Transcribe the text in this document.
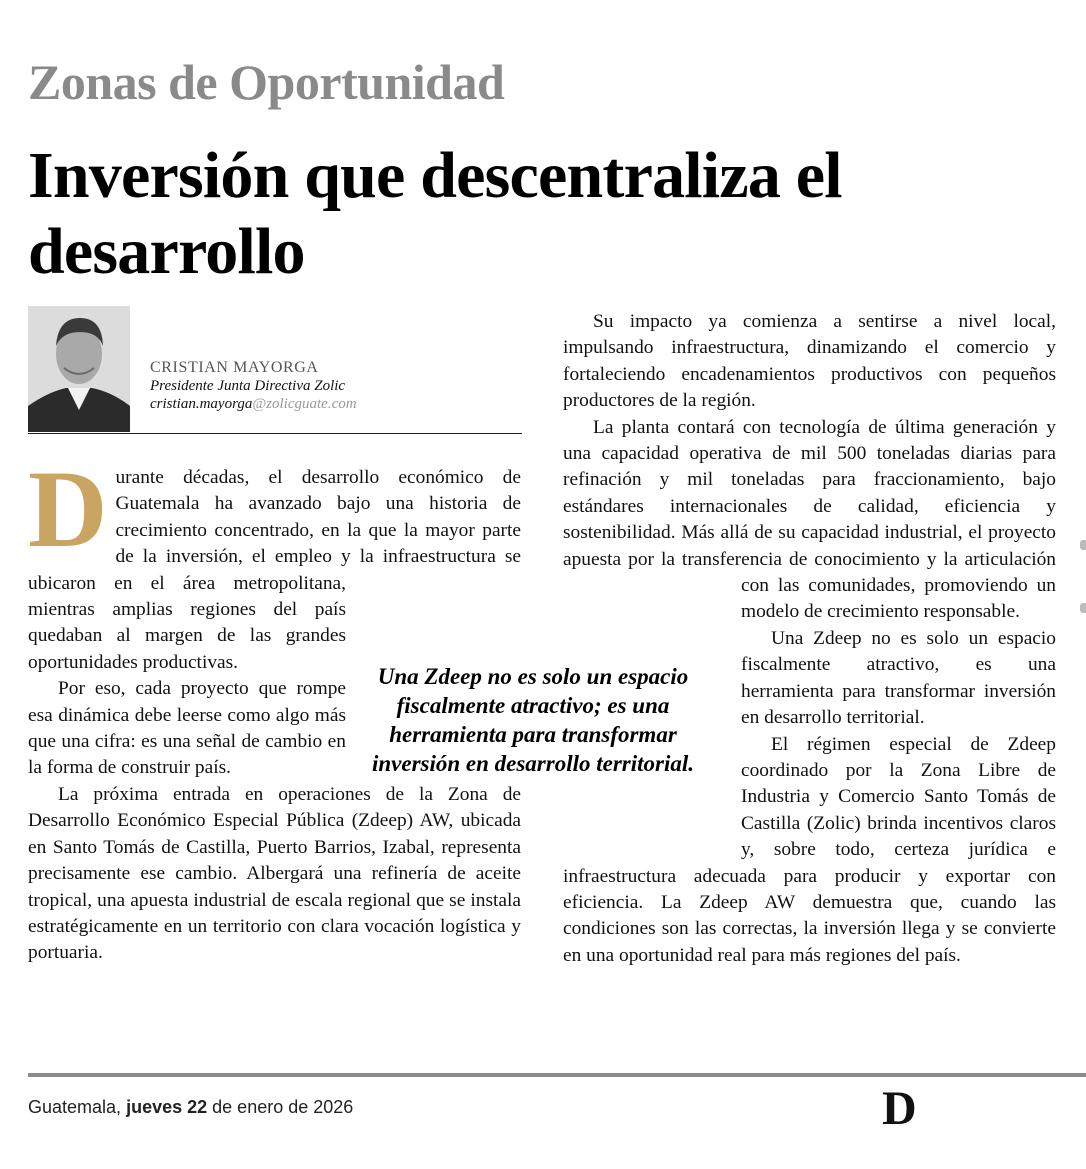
Zonas de Oportunidad
Inversión que descentraliza el desarrollo
CRISTIAN MAYORGA
Presidente Junta Directiva Zolic
cristian.mayorga@zolicguate.com
D urante décadas, el desarrollo económico de Guatemala ha avanzado bajo una historia de crecimiento concentrado, en la que la mayor parte de la inversión, el empleo y la infraestructura se ubicaron en el área metropolitana, mientras amplias regiones del país quedaban al margen de las grandes oportunidades productivas.

Por eso, cada proyecto que rompe esa dinámica debe leerse como algo más que una cifra: es una señal de cambio en la forma de construir país.

La próxima entrada en operaciones de la Zona de Desarrollo Económico Especial Pública (Zdeep) AW, ubicada en Santo Tomás de Castilla, Puerto Barrios, Izabal, representa precisamente ese cambio. Albergará una refinería de aceite tropical, una apuesta industrial de escala regional que se instala estratégicamente en un territorio con clara vocación logística y portuaria.

Su impacto ya comienza a sentirse a nivel local, impulsando infraestructura, dinamizando el comercio y fortaleciendo encadenamientos productivos con pequeños productores de la región.

La planta contará con tecnología de última generación y una capacidad operativa de mil 500 toneladas diarias para refinación y mil toneladas para fraccionamiento, bajo estándares internacionales de calidad, eficiencia y sostenibilidad. Más allá de su capacidad industrial, el proyecto apuesta por la transferencia de conocimiento y la articulación con las comunidades, promoviendo un modelo de crecimiento responsable.

Una Zdeep no es solo un espacio fiscalmente atractivo, es una herramienta para transformar inversión en desarrollo territorial.

El régimen especial de Zdeep coordinado por la Zona Libre de Industria y Comercio Santo Tomás de Castilla (Zolic) brinda incentivos claros y, sobre todo, certeza jurídica e infraestructura adecuada para producir y exportar con eficiencia. La Zdeep AW demuestra que, cuando las condiciones son las correctas, la inversión llega y se convierte en una oportunidad real para más regiones del país.

Una Zdeep no es solo un espacio fiscalmente atractivo; es una herramienta para transformar inversión en desarrollo territorial.
Guatemala, jueves 22 de enero de 2026	D
